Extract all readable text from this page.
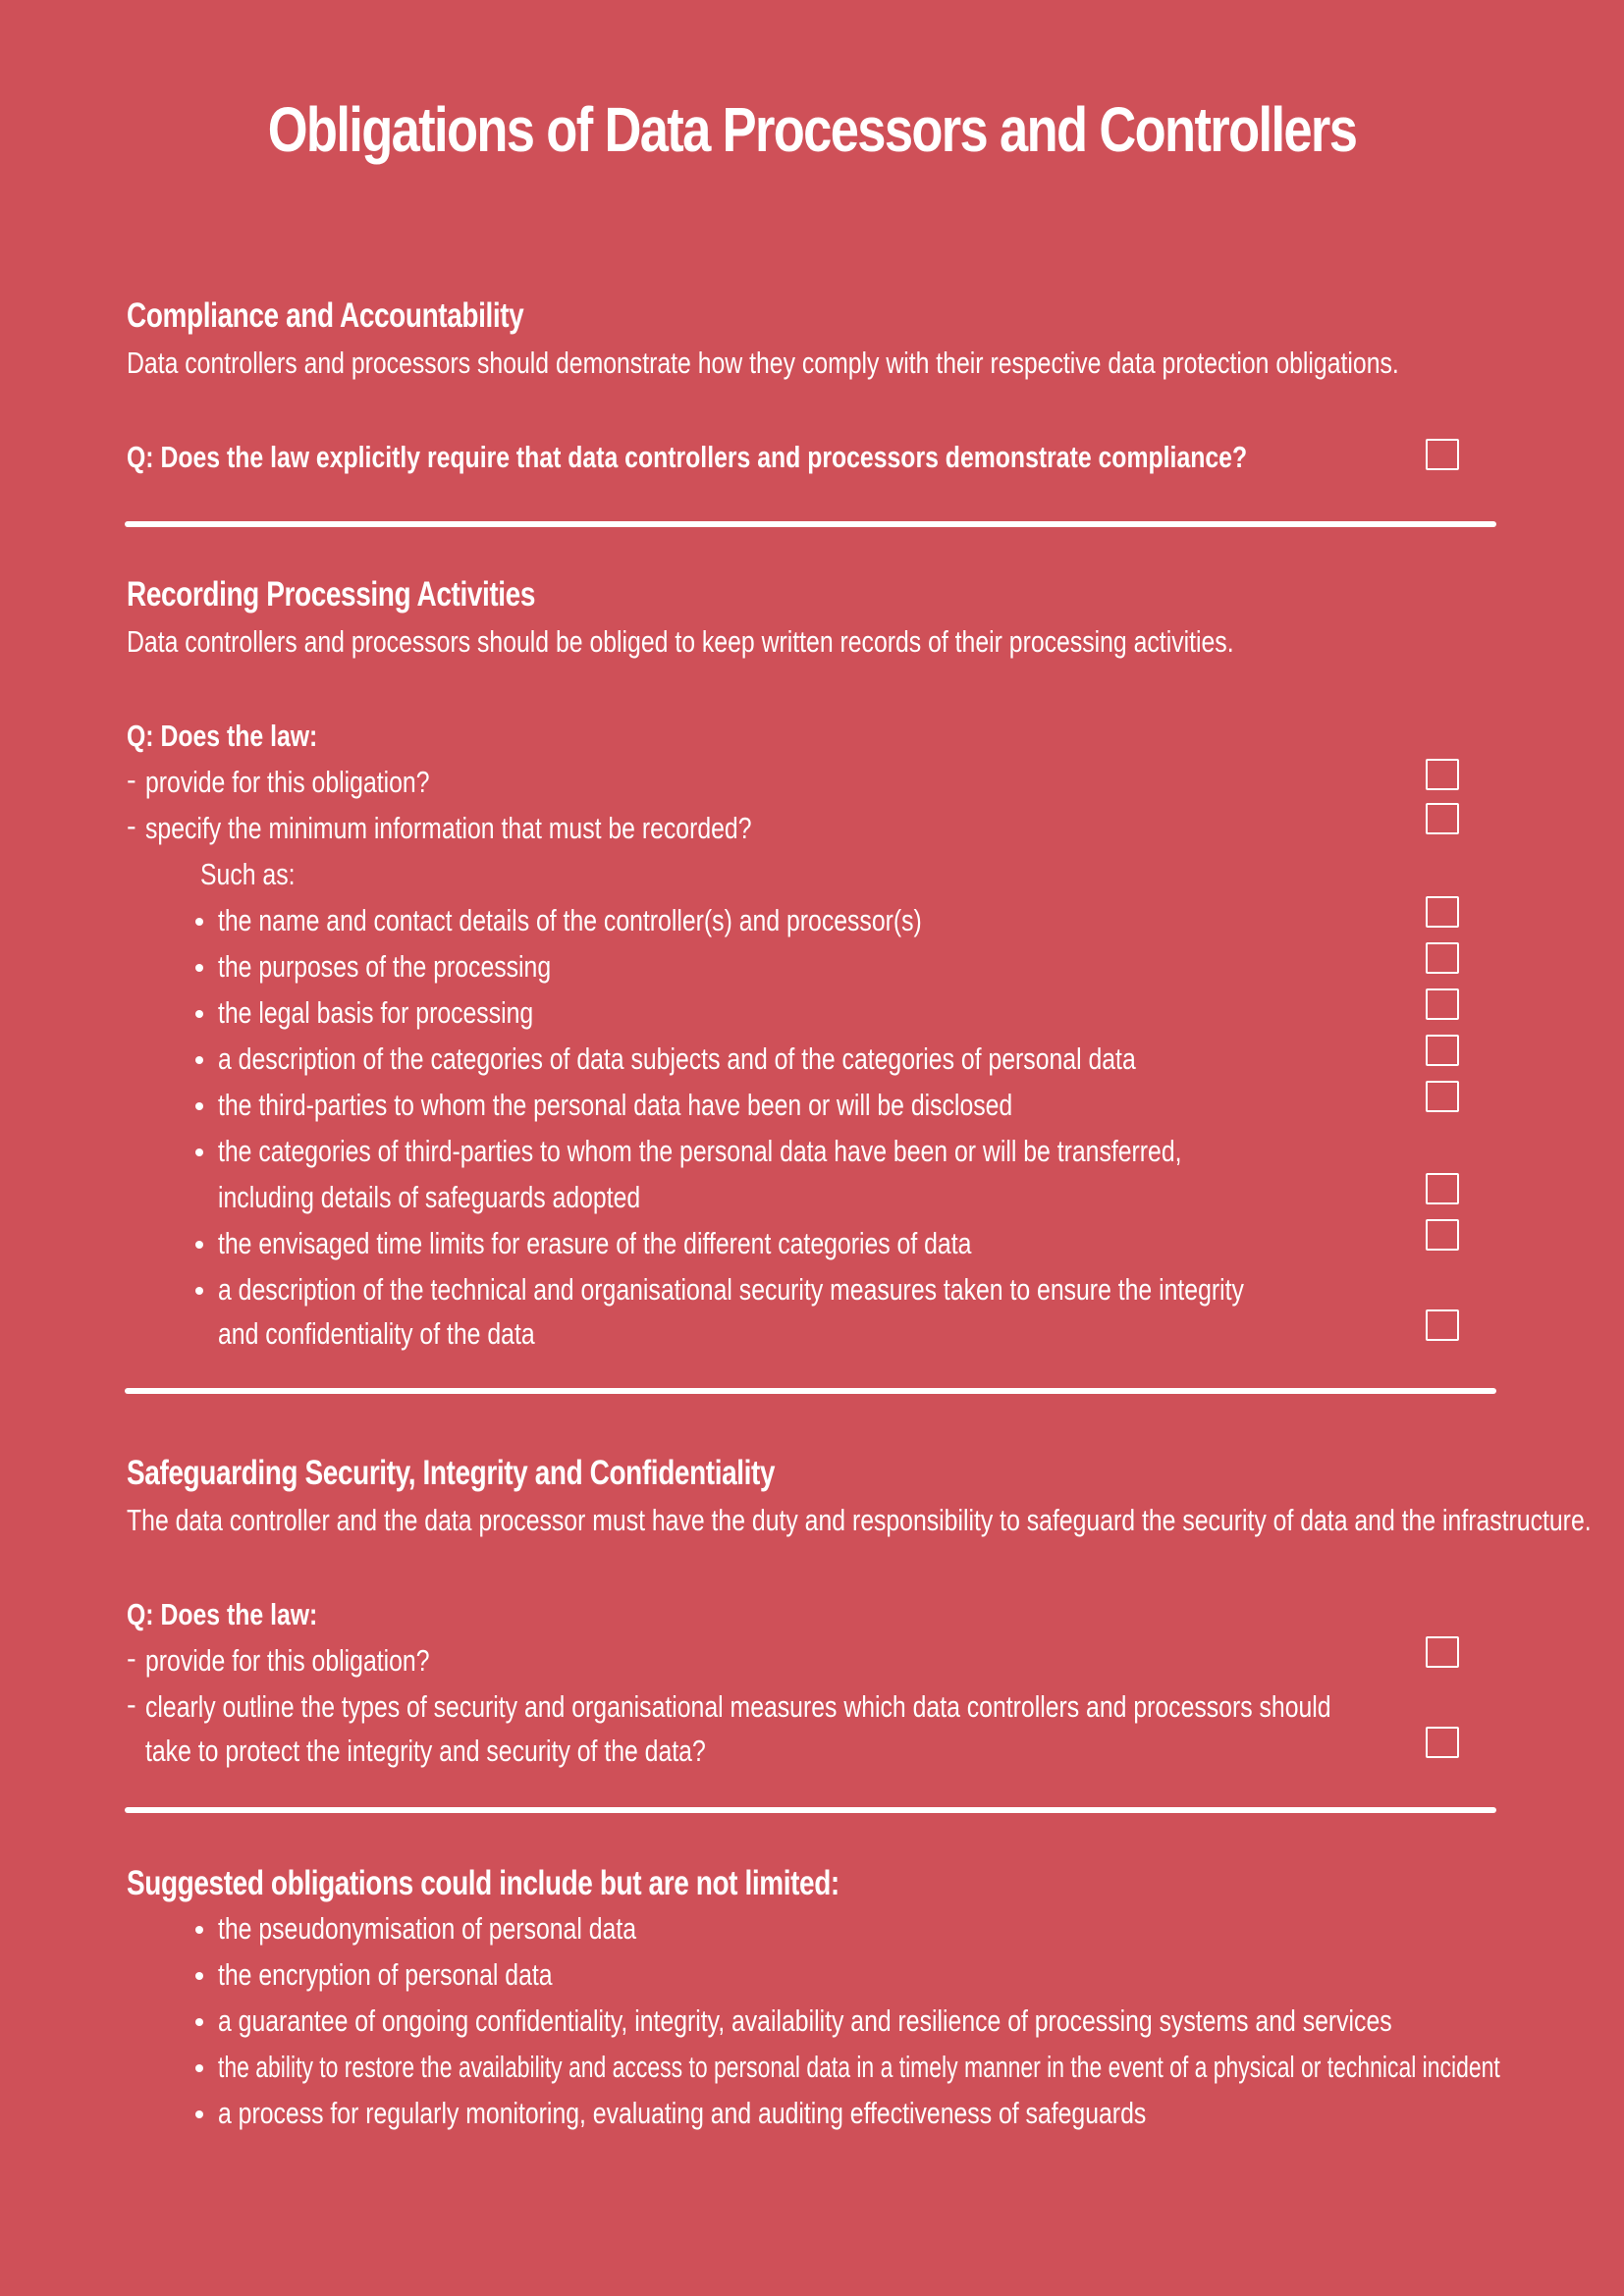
Obligations of Data Processors and Controllers
Compliance and Accountability
Data controllers and processors should demonstrate how they comply with their respective data protection obligations.
Q: Does the law explicitly require that data controllers and processors demonstrate compliance?
Recording Processing Activities
Data controllers and processors should be obliged to keep written records of their processing activities.
Q: Does the law:
- provide for this obligation?
- specify the minimum information that must be recorded?
Such as:
the name and contact details of the controller(s) and processor(s)
the purposes of the processing
the legal basis for processing
a description of the categories of data subjects and of the categories of personal data
the third-parties to whom the personal data have been or will be disclosed
the categories of third-parties to whom the personal data have been or will be transferred,
including details of safeguards adopted
the envisaged time limits for erasure of the different categories of data
a description of the technical and organisational security measures taken to ensure the integrity
and confidentiality of the data
Safeguarding Security, Integrity and Confidentiality
The data controller and the data processor must have the duty and responsibility to safeguard the security of data and the infrastructure.
Q: Does the law:
- provide for this obligation?
- clearly outline the types of security and organisational measures which data controllers and processors should
take to protect the integrity and security of the data?
Suggested obligations could include but are not limited:
the pseudonymisation of personal data
the encryption of personal data
a guarantee of ongoing confidentiality, integrity, availability and resilience of processing systems and services
the ability to restore the availability and access to personal data in a timely manner in the event of a physical or technical incident
a process for regularly monitoring, evaluating and auditing effectiveness of safeguards
